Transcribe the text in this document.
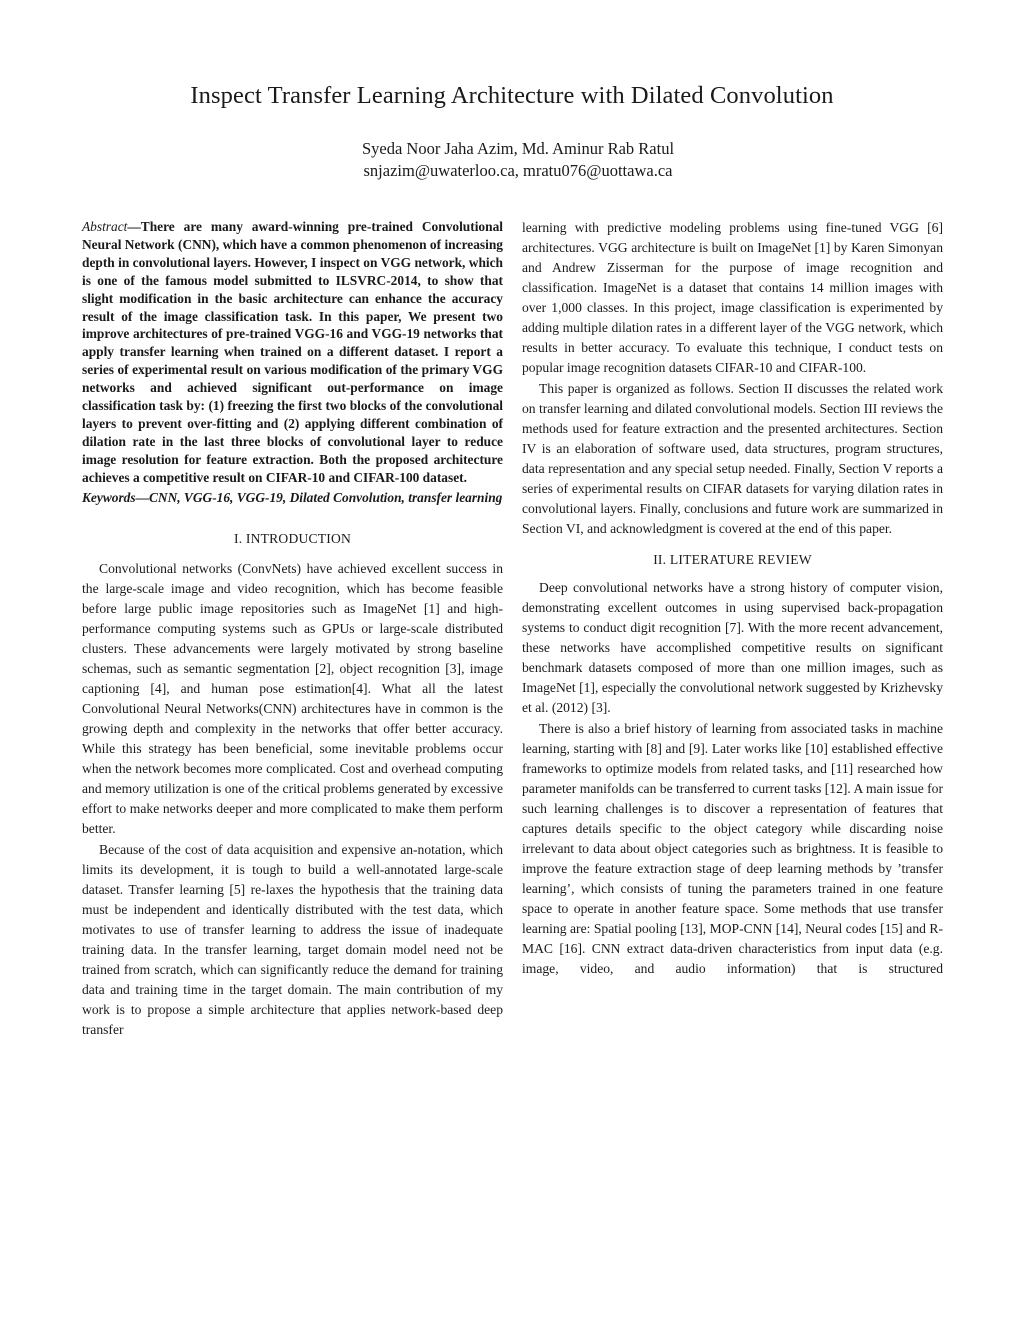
Inspect Transfer Learning Architecture with Dilated Convolution

Syeda Noor Jaha Azim, Md. Aminur Rab Ratul

snjazim@uwaterloo.ca, mratu076@uottawa.ca

Abstract—There are many award-winning pre-trained Convolutional Neural Network (CNN), which have a common phenomenon of increasing depth in convolutional layers. However, I inspect on VGG network, which is one of the famous model submitted to ILSVRC-2014, to show that slight modification in the basic architecture can enhance the accuracy result of the image classification task. In this paper, We present two improve architectures of pre-trained VGG-16 and VGG-19 networks that apply transfer learning when trained on a different dataset. I report a series of experimental result on various modification of the primary VGG networks and achieved significant out-performance on image classification task by: (1) freezing the first two blocks of the convolutional layers to prevent over-fitting and (2) applying different combination of dilation rate in the last three blocks of convolutional layer to reduce image resolution for feature extraction. Both the proposed architecture achieves a competitive result on CIFAR-10 and CIFAR-100 dataset.

Keywords—CNN, VGG-16, VGG-19, Dilated Convolution, transfer learning

I. INTRODUCTION

Convolutional networks (ConvNets) have achieved excellent success in the large-scale image and video recognition, which has become feasible before large public image repositories such as ImageNet [1] and high-performance computing systems such as GPUs or large-scale distributed clusters. These advancements were largely motivated by strong baseline schemas, such as semantic segmentation [2], object recognition [3], image captioning [4], and human pose estimation[4]. What all the latest Convolutional Neural Networks(CNN) architectures have in common is the growing depth and complexity in the networks that offer better accuracy. While this strategy has been beneficial, some inevitable problems occur when the network becomes more complicated. Cost and overhead computing and memory utilization is one of the critical problems generated by excessive effort to make networks deeper and more complicated to make them perform better.

Because of the cost of data acquisition and expensive an-notation, which limits its development, it is tough to build a well-annotated large-scale dataset. Transfer learning [5] re-laxes the hypothesis that the training data must be independent and identically distributed with the test data, which motivates to use of transfer learning to address the issue of inadequate training data. In the transfer learning, target domain model need not be trained from scratch, which can significantly reduce the demand for training data and training time in the target domain. The main contribution of my work is to propose a simple architecture that applies network-based deep transfer

learning with predictive modeling problems using fine-tuned VGG [6] architectures. VGG architecture is built on ImageNet [1] by Karen Simonyan and Andrew Zisserman for the purpose of image recognition and classification. ImageNet is a dataset that contains 14 million images with over 1,000 classes. In this project, image classification is experimented by adding multiple dilation rates in a different layer of the VGG network, which results in better accuracy. To evaluate this technique, I conduct tests on popular image recognition datasets CIFAR-10 and CIFAR-100.

This paper is organized as follows. Section II discusses the related work on transfer learning and dilated convolutional models. Section III reviews the methods used for feature extraction and the presented architectures. Section IV is an elaboration of software used, data structures, program structures, data representation and any special setup needed. Finally, Section V reports a series of experimental results on CIFAR datasets for varying dilation rates in convolutional layers. Finally, conclusions and future work are summarized in Section VI, and acknowledgment is covered at the end of this paper.

II. LITERATURE REVIEW

Deep convolutional networks have a strong history of computer vision, demonstrating excellent outcomes in using supervised back-propagation systems to conduct digit recognition [7]. With the more recent advancement, these networks have accomplished competitive results on significant benchmark datasets composed of more than one million images, such as ImageNet [1], especially the convolutional network suggested by Krizhevsky et al. (2012) [3].

There is also a brief history of learning from associated tasks in machine learning, starting with [8] and [9]. Later works like [10] established effective frameworks to optimize models from related tasks, and [11] researched how parameter manifolds can be transferred to current tasks [12]. A main issue for such learning challenges is to discover a representation of features that captures details specific to the object category while discarding noise irrelevant to data about object categories such as brightness. It is feasible to improve the feature extraction stage of deep learning methods by ’transfer learning’, which consists of tuning the parameters trained in one feature space to operate in another feature space. Some methods that use transfer learning are: Spatial pooling [13], MOP-CNN [14], Neural codes [15] and R-MAC [16]. CNN extract data-driven characteristics from input data (e.g. image, video, and audio information) that is structured
